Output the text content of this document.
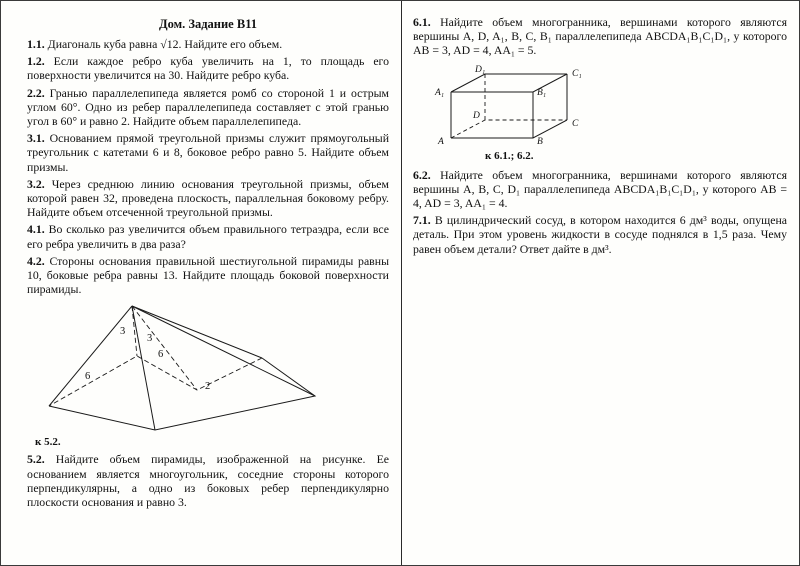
Дом. Задание В11

1.1. Диагональ куба равна √12. Найдите его объем.

1.2. Если каждое ребро куба увеличить на 1, то площадь его поверхности увеличится на 30. Найдите ребро куба.

2.2. Гранью параллелепипеда является ромб со стороной 1 и острым углом 60°. Одно из ребер параллелепипеда составляет с этой гранью угол в 60° и равно 2. Найдите объем параллелепипеда.

3.1. Основанием прямой треугольной призмы служит прямоугольный треугольник с катетами 6 и 8, боковое ребро равно 5. Найдите объем призмы.

3.2. Через среднюю линию основания треугольной призмы, объем которой равен 32, проведена плоскость, параллельная боковому ребру. Найдите объем отсеченной треугольной призмы.

4.1. Во сколько раз увеличится объем правильного тетраэдра, если все его ребра увеличить в два раза?

4.2. Стороны основания правильной шестиугольной пирамиды равны 10, боковые ребра равны 13. Найдите площадь боковой поверхности пирамиды.

3
3
6
6
2
к 5.2.

5.2. Найдите объем пирамиды, изображенной на рисунке. Ее основанием является многоугольник, соседние стороны которого перпендикулярны, а одно из боковых ребер перпендикулярно плоскости основания и равно 3.

6.1. Найдите объем многогранника, вершинами которого являются вершины A, D, A₁, B, C, B₁ параллелепипеда ABCDA₁B₁C₁D₁, у которого AB = 3, AD = 4, AA₁ = 5.

A₁	B₁
C₁
D₁
A	B
C
D
к 6.1.; 6.2.

6.2. Найдите объем многогранника, вершинами которого являются вершины A, B, C, D₁ параллелепипеда ABCDA₁B₁C₁D₁, у которого AB = 4, AD = 3, AA₁ = 4.

7.1. В цилиндрический сосуд, в котором находится 6 дм³ воды, опущена деталь. При этом уровень жидкости в сосуде поднялся в 1,5 раза. Чему равен объем детали? Ответ дайте в дм³.
